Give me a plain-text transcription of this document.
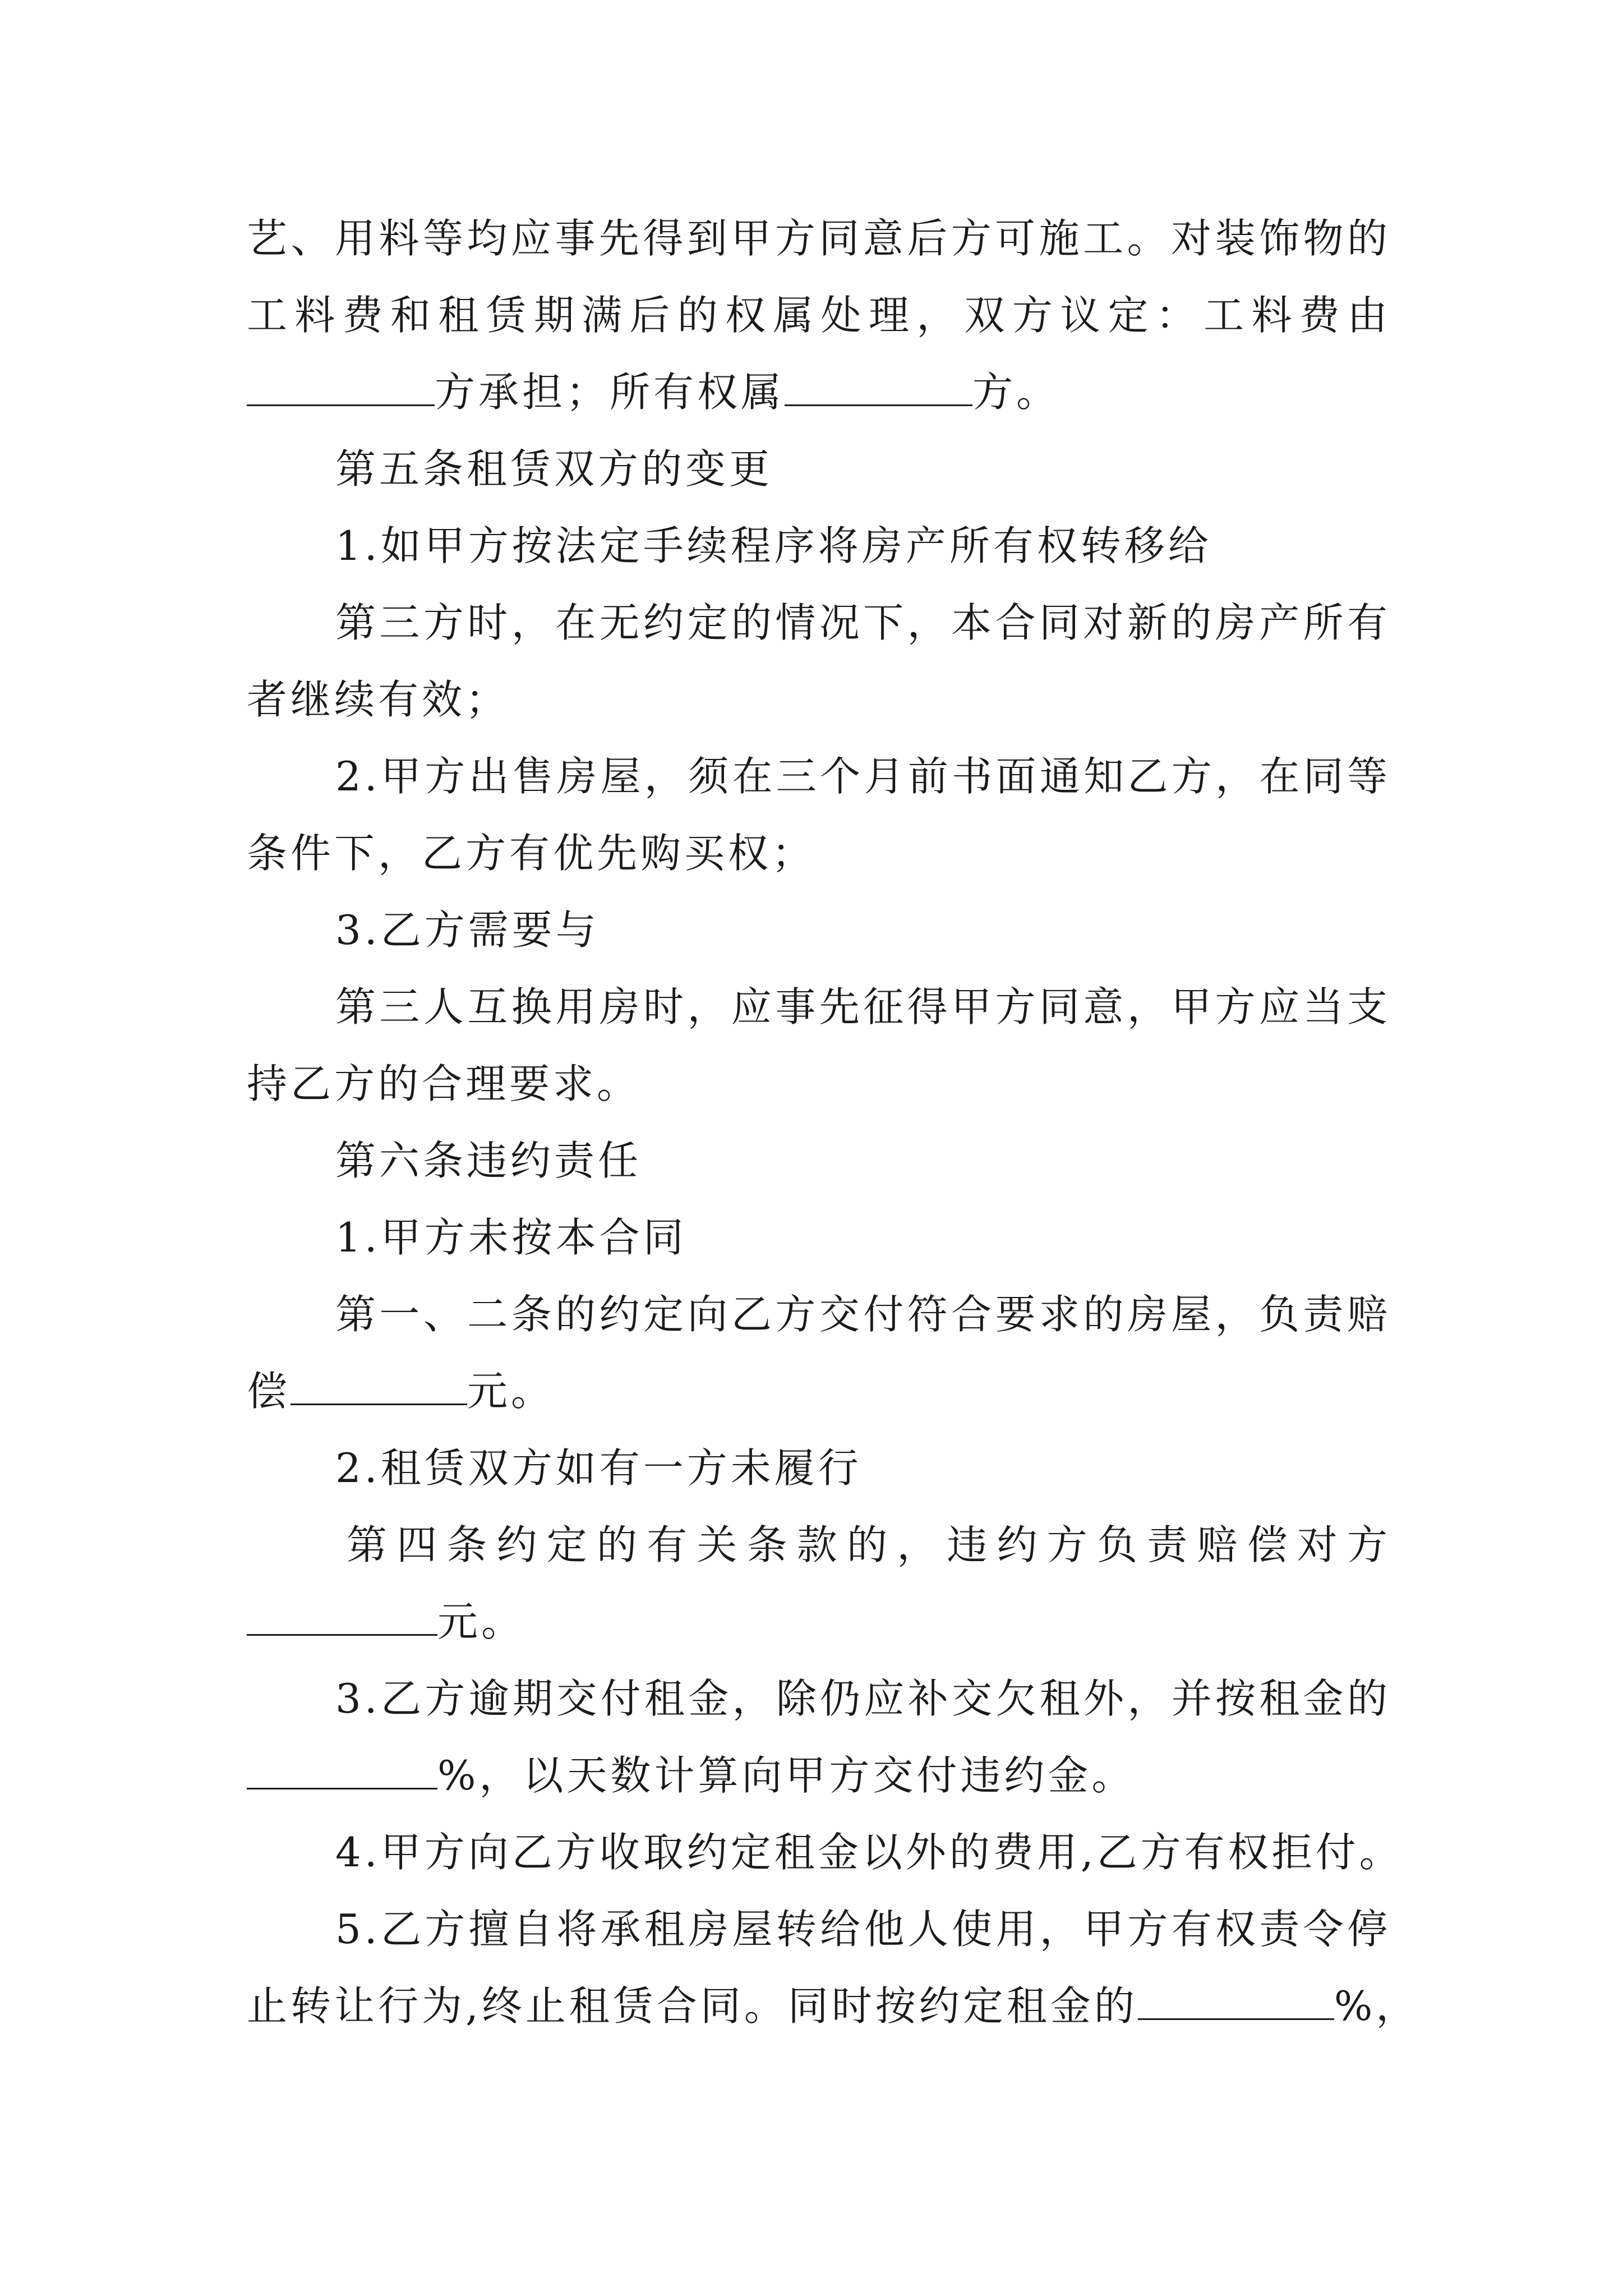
艺、用料等均应事先得到甲方同意后方可施工。对装饰物的
工料费和租赁期满后的权属处理，双方议定：工料费由
方承担；所有权属	方。
第五条租赁双方的变更
1.如甲方按法定手续程序将房产所有权转移给
第三方时，在无约定的情况下，本合同对新的房产所有
者继续有效；
2.甲方出售房屋，须在三个月前书面通知乙方，在同等
条件下，乙方有优先购买权；
3.乙方需要与
第三人互换用房时，应事先征得甲方同意，甲方应当支
持乙方的合理要求。
第六条违约责任
1.甲方未按本合同
第一、二条的约定向乙方交付符合要求的房屋，负责赔
偿	元。
2.租赁双方如有一方未履行
第四条约定的有关条款的，违约方负责赔偿对方
元。
3.乙方逾期交付租金，除仍应补交欠租外，并按租金的
%，以天数计算向甲方交付违约金。
4.甲方向乙方收取约定租金以外的费用,乙方有权拒付。
5.乙方擅自将承租房屋转给他人使用，甲方有权责令停
止转让行为,终止租赁合同。同时按约定租金的	%，
